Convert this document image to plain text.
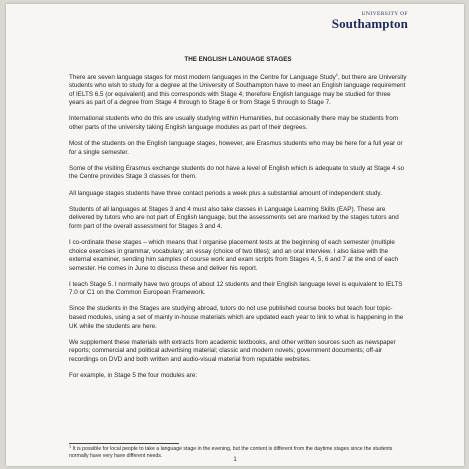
UNIVERSITY OF
Southampton
THE ENGLISH LANGUAGE STAGES

There are seven language stages for most modern languages in the Centre for Language Study$^1$, but there are University students who wish to study for a degree at the University of Southampton have to meet an English language requirement of IELTS 6.5 (or equivalent) and this corresponds with Stage 4; therefore English language may be studied for three years as part of a degree from Stage 4 through to Stage 6 or from Stage 5 through to Stage 7.

International students who do this are usually studying within Humanities, but occasionally there may be students from other parts of the university taking English language modules as part of their degrees.

Most of the students on the English language stages, however, are Erasmus students who may be here for a full year or for a single semester.

Some of the visiting Erasmus exchange students do not have a level of English which is adequate to study at Stage 4 so the Centre provides Stage 3 classes for them.

All language stages students have three contact periods a week plus a substantial amount of independent study.

Students of all languages at Stages 3 and 4 must also take classes in Language Learning Skills (EAP). These are delivered by tutors who are not part of English language, but the assessments set are marked by the stages tutors and form part of the overall assessment for Stages 3 and 4.

I co-ordinate these stages – which means that I organise placement tests at the beginning of each semester (multiple choice exercises in grammar, vocabulary; an essay (choice of two titles); and an oral interview. I also liaise with the external examiner, sending him samples of course work and exam scripts from Stages 4, 5, 6 and 7 at the end of each semester. He comes in June to discuss these and deliver his report.

I teach Stage 5. I normally have two groups of about 12 students and their English language level is equivalent to IELTS 7.0 or C1 on the Common European Framework.

Since the students in the Stages are studying abroad, tutors do not use published course books but teach four topic-based modules, using a set of mainly in-house materials which are updated each year to link to what is happening in the UK while the students are here.

We supplement these materials with extracts from academic textbooks, and other written sources such as newspaper reports; commercial and political advertising material; classic and modern novels; government documents; off-air recordings on DVD and both written and audio-visual material from reputable websites.

For example, in Stage 5 the four modules are:

$^1$ It is possible for local people to take a language stage in the evening, but the content is different from the daytime stages since the students normally have very have different needs.
1
